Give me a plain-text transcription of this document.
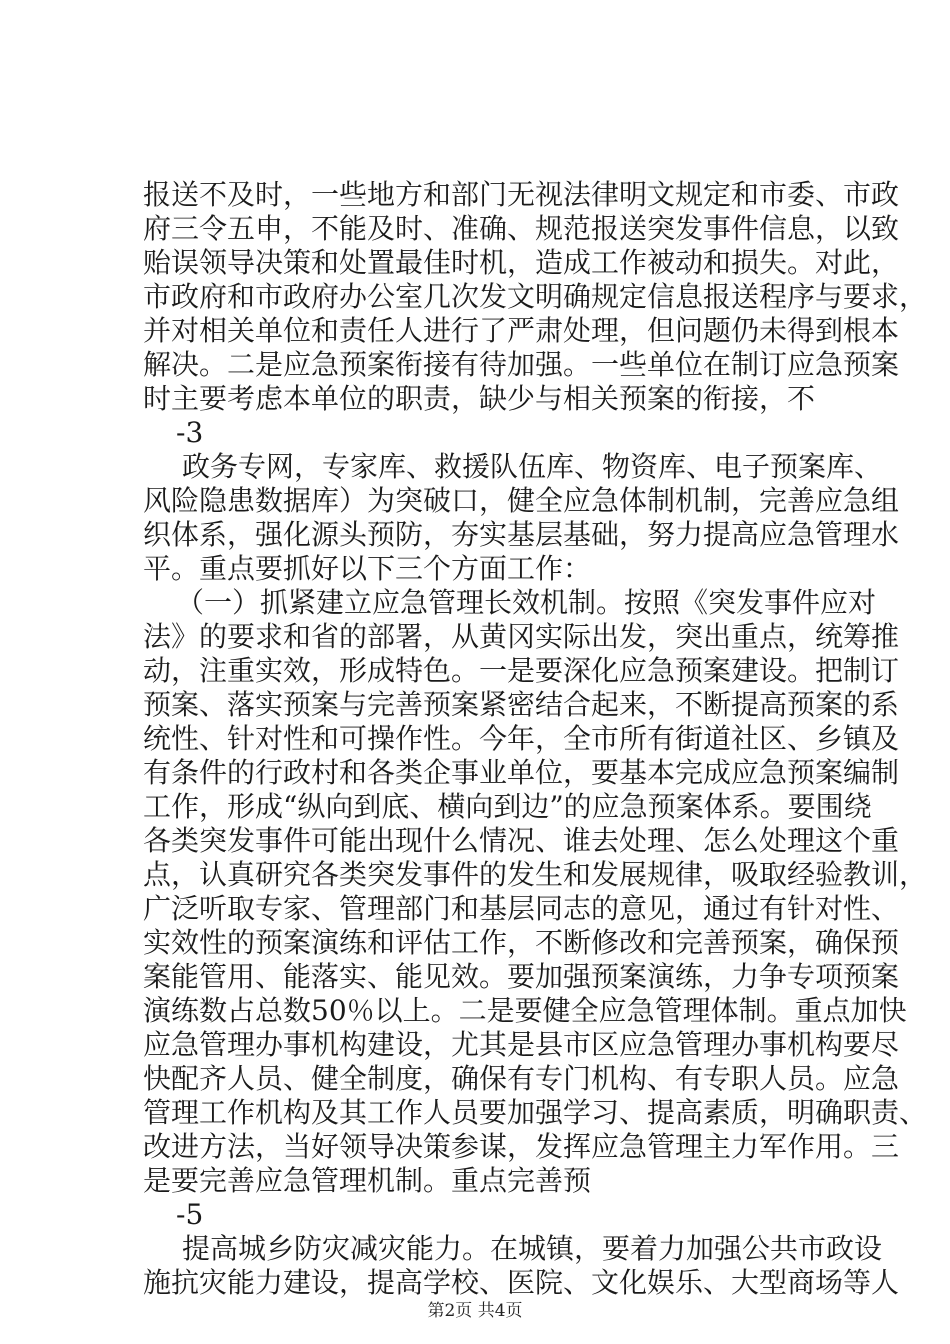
报送不及时，一些地方和部门无视法律明文规定和市委、市政
府三令五申，不能及时、准确、规范报送突发事件信息，以致
贻误领导决策和处置最佳时机，造成工作被动和损失。对此，
市政府和市政府办公室几次发文明确规定信息报送程序与要求，
并对相关单位和责任人进行了严肃处理，但问题仍未得到根本
解决。二是应急预案衔接有待加强。一些单位在制订应急预案
时主要考虑本单位的职责，缺少与相关预案的衔接，不
-3
政务专网，专家库、救援队伍库、物资库、电子预案库、
风险隐患数据库）为突破口，健全应急体制机制，完善应急组
织体系，强化源头预防，夯实基层基础，努力提高应急管理水
平。重点要抓好以下三个方面工作：
（一）抓紧建立应急管理长效机制。按照《突发事件应对
法》的要求和省的部署，从黄冈实际出发，突出重点，统筹推
动，注重实效，形成特色。一是要深化应急预案建设。把制订
预案、落实预案与完善预案紧密结合起来，不断提高预案的系
统性、针对性和可操作性。今年，全市所有街道社区、乡镇及
有条件的行政村和各类企事业单位，要基本完成应急预案编制
工作，形成“纵向到底、横向到边”的应急预案体系。要围绕
各类突发事件可能出现什么情况、谁去处理、怎么处理这个重
点，认真研究各类突发事件的发生和发展规律，吸取经验教训，
广泛听取专家、管理部门和基层同志的意见，通过有针对性、
实效性的预案演练和评估工作，不断修改和完善预案，确保预
案能管用、能落实、能见效。要加强预案演练，力争专项预案
演练数占总数50％以上。二是要健全应急管理体制。重点加快
应急管理办事机构建设，尤其是县市区应急管理办事机构要尽
快配齐人员、健全制度，确保有专门机构、有专职人员。应急
管理工作机构及其工作人员要加强学习、提高素质，明确职责、
改进方法，当好领导决策参谋，发挥应急管理主力军作用。三
是要完善应急管理机制。重点完善预
-5
提高城乡防灾减灾能力。在城镇，要着力加强公共市政设
施抗灾能力建设，提高学校、医院、文化娱乐、大型商场等人
第2页 共4页
